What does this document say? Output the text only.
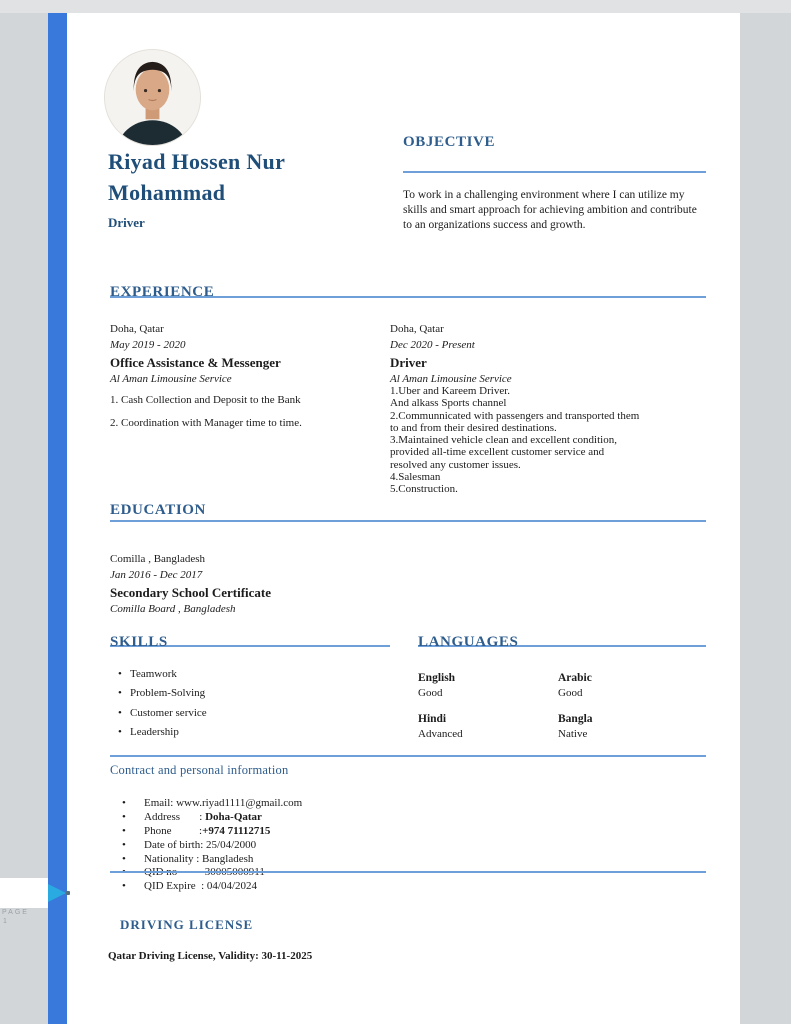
Riyad Hossen Nur Mohammad
Driver
OBJECTIVE
To work in a challenging environment where I can utilize my skills and smart approach for achieving ambition and contribute to an organizations success and growth.
EXPERIENCE
Doha, Qatar
May 2019 - 2020
Office Assistance & Messenger
Al Aman Limousine Service
1. Cash Collection and Deposit to the Bank
2. Coordination with Manager time to time.
Doha, Qatar
Dec 2020 - Present
Driver
Al Aman Limousine Service
1.Uber and Kareem Driver.
And alkass Sports channel
2.Communnicated with passengers and transported them
to and from their desired destinations.
3.Maintained vehicle clean and excellent condition,
provided all-time excellent customer service and
resolved any customer issues.
4.Salesman
5.Construction.
EDUCATION
Comilla , Bangladesh
Jan 2016 - Dec 2017
Secondary School Certificate
Comilla Board , Bangladesh
SKILLS
• Teamwork
• Problem-Solving
• Customer service
• Leadership
LANGUAGES
English
Good
Arabic
Good
Hindi
Advanced
Bangla
Native
Contract and personal information
•	Email: www.riyad1111@gmail.com
•	Address       : Doha-Qatar
•	Phone          : +974 71112715
•	Date of birth: 25/04/2000
•	Nationality : Bangladesh
•	QID Expire  : 04/04/2024
DRIVING LICENSE
Qatar Driving License, Validity: 30-11-2025
PAGE
1
